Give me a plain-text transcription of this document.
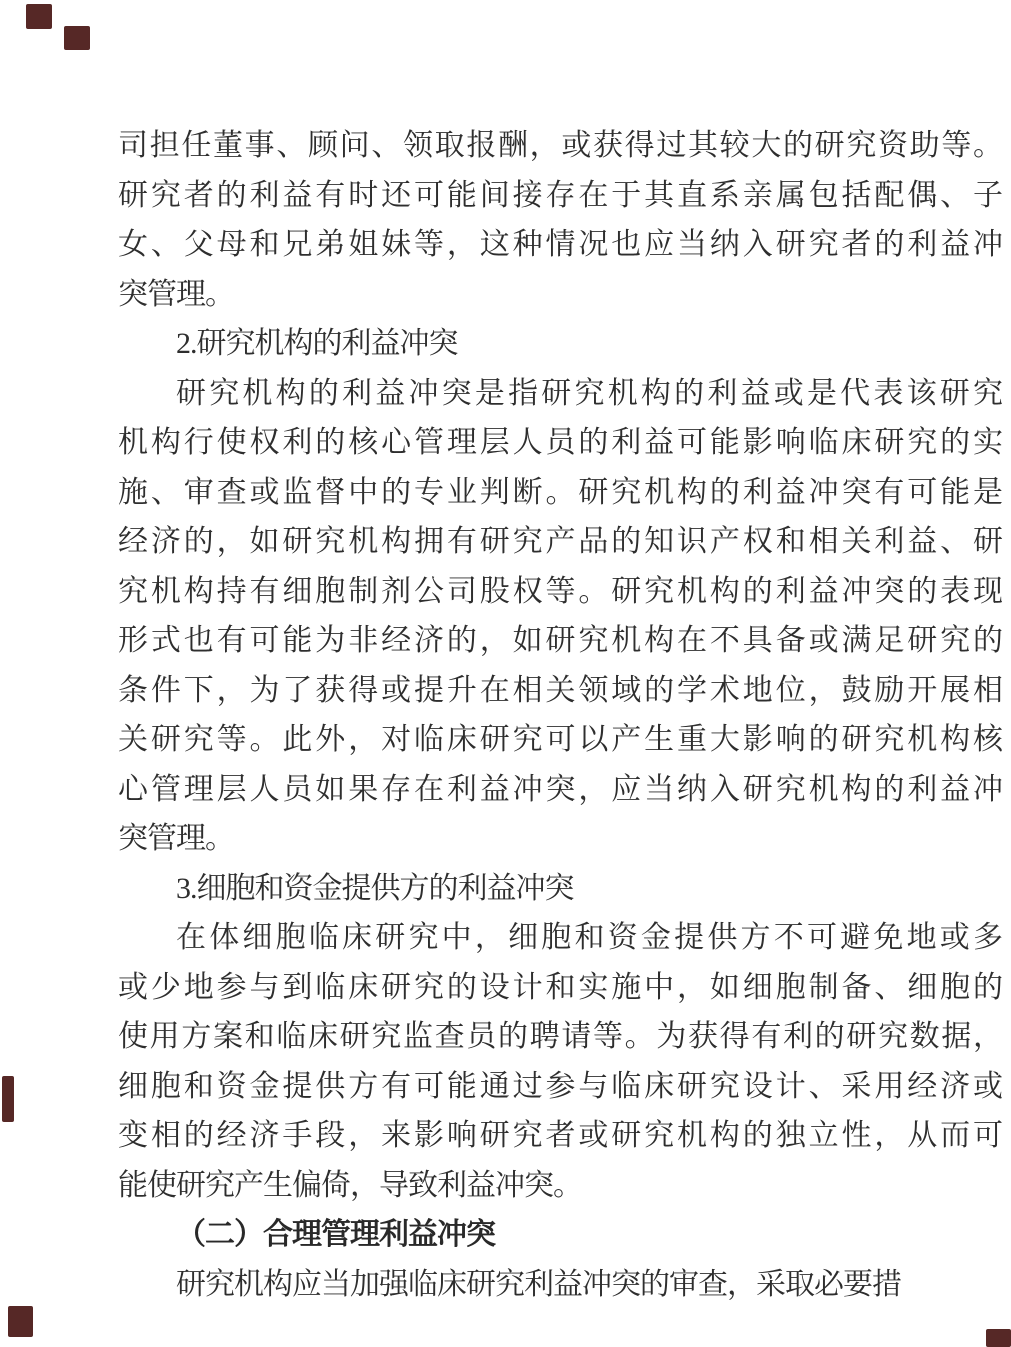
司担任董事、顾问、领取报酬，或获得过其较大的研究资助等。
研究者的利益有时还可能间接存在于其直系亲属包括配偶、子
女、父母和兄弟姐妹等，这种情况也应当纳入研究者的利益冲
突管理。
2.研究机构的利益冲突
研究机构的利益冲突是指研究机构的利益或是代表该研究
机构行使权利的核心管理层人员的利益可能影响临床研究的实
施、审查或监督中的专业判断。研究机构的利益冲突有可能是
经济的，如研究机构拥有研究产品的知识产权和相关利益、研
究机构持有细胞制剂公司股权等。研究机构的利益冲突的表现
形式也有可能为非经济的，如研究机构在不具备或满足研究的
条件下，为了获得或提升在相关领域的学术地位，鼓励开展相
关研究等。此外，对临床研究可以产生重大影响的研究机构核
心管理层人员如果存在利益冲突，应当纳入研究机构的利益冲
突管理。
3.细胞和资金提供方的利益冲突
在体细胞临床研究中，细胞和资金提供方不可避免地或多
或少地参与到临床研究的设计和实施中，如细胞制备、细胞的
使用方案和临床研究监查员的聘请等。为获得有利的研究数据，
细胞和资金提供方有可能通过参与临床研究设计、采用经济或
变相的经济手段，来影响研究者或研究机构的独立性，从而可
能使研究产生偏倚，导致利益冲突。
（二）合理管理利益冲突
研究机构应当加强临床研究利益冲突的审查，采取必要措
